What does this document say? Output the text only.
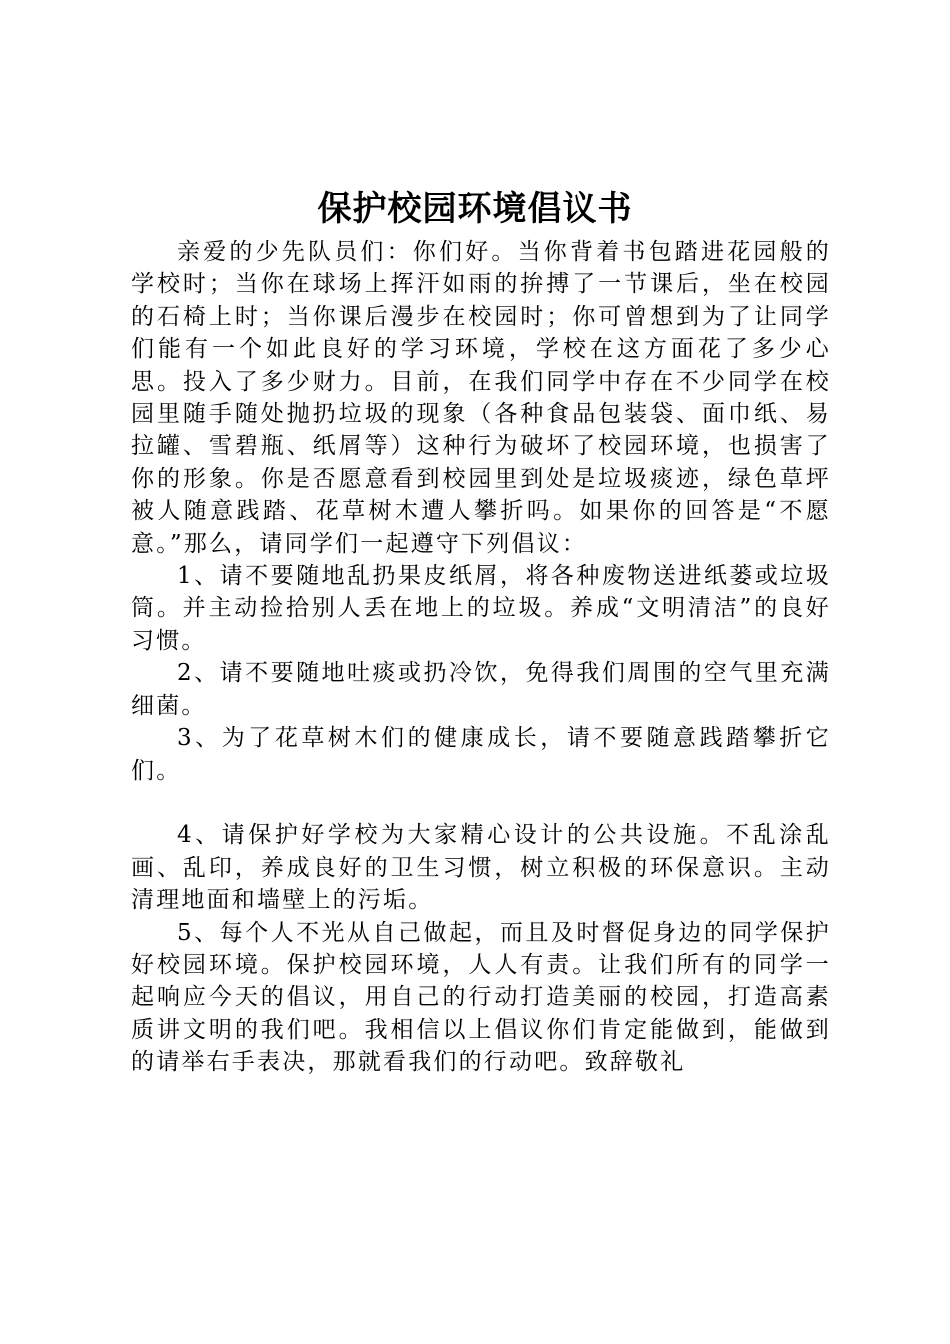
保护校园环境倡议书

亲爱的少先队员们：你们好。当你背着书包踏进花园般的学校时；当你在球场上挥汗如雨的拚搏了一节课后，坐在校园的石椅上时；当你课后漫步在校园时；你可曾想到为了让同学们能有一个如此良好的学习环境，学校在这方面花了多少心思。投入了多少财力。目前，在我们同学中存在不少同学在校园里随手随处抛扔垃圾的现象（各种食品包装袋、面巾纸、易拉罐、雪碧瓶、纸屑等）这种行为破坏了校园环境，也损害了你的形象。你是否愿意看到校园里到处是垃圾痰迹，绿色草坪被人随意践踏、花草树木遭人攀折吗。如果你的回答是“不愿意。”那么，请同学们一起遵守下列倡议：

1、请不要随地乱扔果皮纸屑，将各种废物送进纸蒌或垃圾筒。并主动捡拾别人丢在地上的垃圾。养成“文明清洁”的良好习惯。

2、请不要随地吐痰或扔冷饮，免得我们周围的空气里充满细菌。

3、为了花草树木们的健康成长，请不要随意践踏攀折它们。

4、请保护好学校为大家精心设计的公共设施。不乱涂乱画、乱印，养成良好的卫生习惯，树立积极的环保意识。主动清理地面和墙壁上的污垢。

5、每个人不光从自己做起，而且及时督促身边的同学保护好校园环境。保护校园环境，人人有责。让我们所有的同学一起响应今天的倡议，用自己的行动打造美丽的校园，打造高素质讲文明的我们吧。我相信以上倡议你们肯定能做到，能做到的请举右手表决，那就看我们的行动吧。致辞敬礼
